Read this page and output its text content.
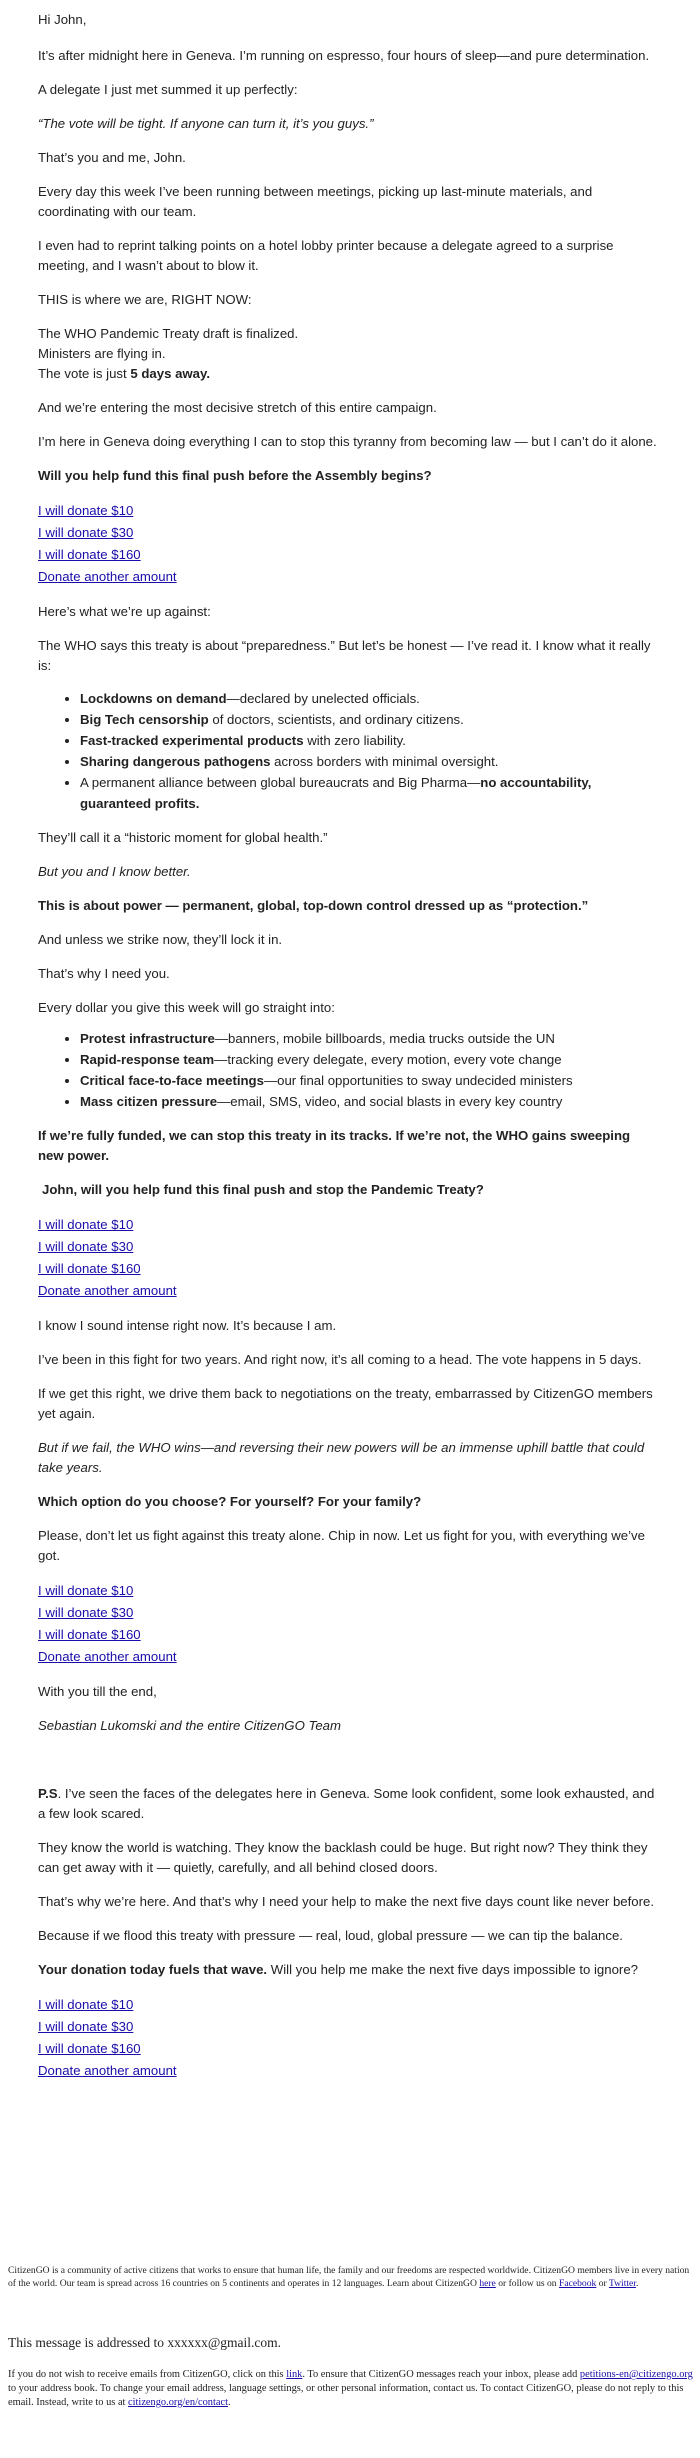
Hi John,

It’s after midnight here in Geneva. I’m running on espresso, four hours of sleep—and pure determination.

A delegate I just met summed it up perfectly:

“The vote will be tight. If anyone can turn it, it’s you guys.”

That’s you and me, John.

Every day this week I’ve been running between meetings, picking up last-minute materials, and coordinating with our team.

I even had to reprint talking points on a hotel lobby printer because a delegate agreed to a surprise meeting, and I wasn’t about to blow it.

THIS is where we are, RIGHT NOW:

The WHO Pandemic Treaty draft is finalized.
Ministers are flying in.
The vote is just 5 days away.

And we’re entering the most decisive stretch of this entire campaign.

I’m here in Geneva doing everything I can to stop this tyranny from becoming law — but I can’t do it alone.

Will you help fund this final push before the Assembly begins?

I will donate $10
I will donate $30
I will donate $160
Donate another amount

Here’s what we’re up against:

The WHO says this treaty is about “preparedness.” But let’s be honest — I’ve read it. I know what it really is:

• Lockdowns on demand—declared by unelected officials.
• Big Tech censorship of doctors, scientists, and ordinary citizens.
• Fast-tracked experimental products with zero liability.
• Sharing dangerous pathogens across borders with minimal oversight.
• A permanent alliance between global bureaucrats and Big Pharma—no accountability, guaranteed profits.

They’ll call it a “historic moment for global health.”

But you and I know better.

This is about power — permanent, global, top-down control dressed up as “protection.”

And unless we strike now, they’ll lock it in.

That’s why I need you.

Every dollar you give this week will go straight into:

• Protest infrastructure—banners, mobile billboards, media trucks outside the UN
• Rapid-response team—tracking every delegate, every motion, every vote change
• Critical face-to-face meetings—our final opportunities to sway undecided ministers
• Mass citizen pressure—email, SMS, video, and social blasts in every key country

If we’re fully funded, we can stop this treaty in its tracks. If we’re not, the WHO gains sweeping new power.

John, will you help fund this final push and stop the Pandemic Treaty?

I will donate $10
I will donate $30
I will donate $160
Donate another amount

I know I sound intense right now. It’s because I am.

I’ve been in this fight for two years. And right now, it’s all coming to a head. The vote happens in 5 days.

If we get this right, we drive them back to negotiations on the treaty, embarrassed by CitizenGO members yet again.

But if we fail, the WHO wins—and reversing their new powers will be an immense uphill battle that could take years.

Which option do you choose? For yourself? For your family?

Please, don’t let us fight against this treaty alone. Chip in now. Let us fight for you, with everything we’ve got.

I will donate $10
I will donate $30
I will donate $160
Donate another amount

With you till the end,

Sebastian Lukomski and the entire CitizenGO Team

P.S. I’ve seen the faces of the delegates here in Geneva. Some look confident, some look exhausted, and a few look scared.

They know the world is watching. They know the backlash could be huge. But right now? They think they can get away with it — quietly, carefully, and all behind closed doors.

That’s why we’re here. And that’s why I need your help to make the next five days count like never before.

Because if we flood this treaty with pressure — real, loud, global pressure — we can tip the balance.

Your donation today fuels that wave. Will you help me make the next five days impossible to ignore?

I will donate $10
I will donate $30
I will donate $160
Donate another amount
CitizenGO is a community of active citizens that works to ensure that human life, the family and our freedoms are respected worldwide. CitizenGO members live in every nation of the world. Our team is spread across 16 countries on 5 continents and operates in 12 languages. Learn about CitizenGO here or follow us on Facebook or Twitter.
This message is addressed to xxxxxx@gmail.com.
If you do not wish to receive emails from CitizenGO, click on this link. To ensure that CitizenGO messages reach your inbox, please add petitions-en@citizengo.org to your address book. To change your email address, language settings, or other personal information, contact us. To contact CitizenGO, please do not reply to this email. Instead, write to us at citizengo.org/en/contact.
